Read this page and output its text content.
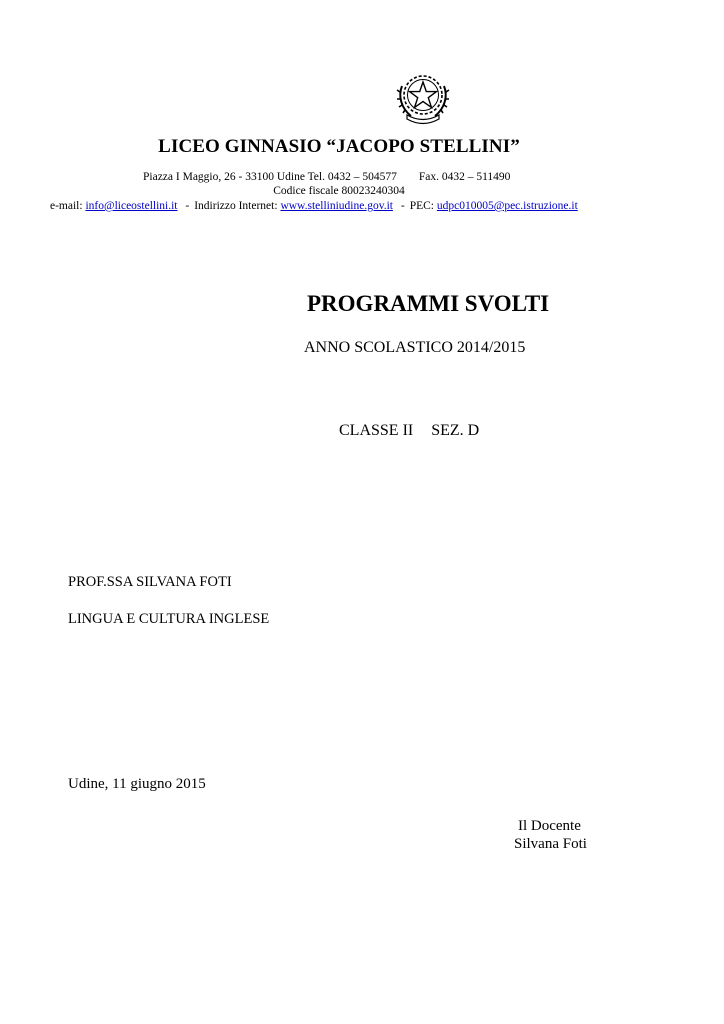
LICEO GINNASIO “JACOPO STELLINI”
Piazza I Maggio, 26 - 33100 Udine Tel. 0432 – 504577 Fax. 0432 – 511490
Codice fiscale 80023240304
e-mail: info@liceostellini.it - Indirizzo Internet: www.stelliniudine.gov.it - PEC: udpc010005@pec.istruzione.it
PROGRAMMI SVOLTI
ANNO SCOLASTICO 2014/2015
CLASSE II SEZ. D
PROF.SSA SILVANA FOTI
LINGUA E CULTURA INGLESE
Udine, 11 giugno 2015
Il Docente
Silvana Foti
